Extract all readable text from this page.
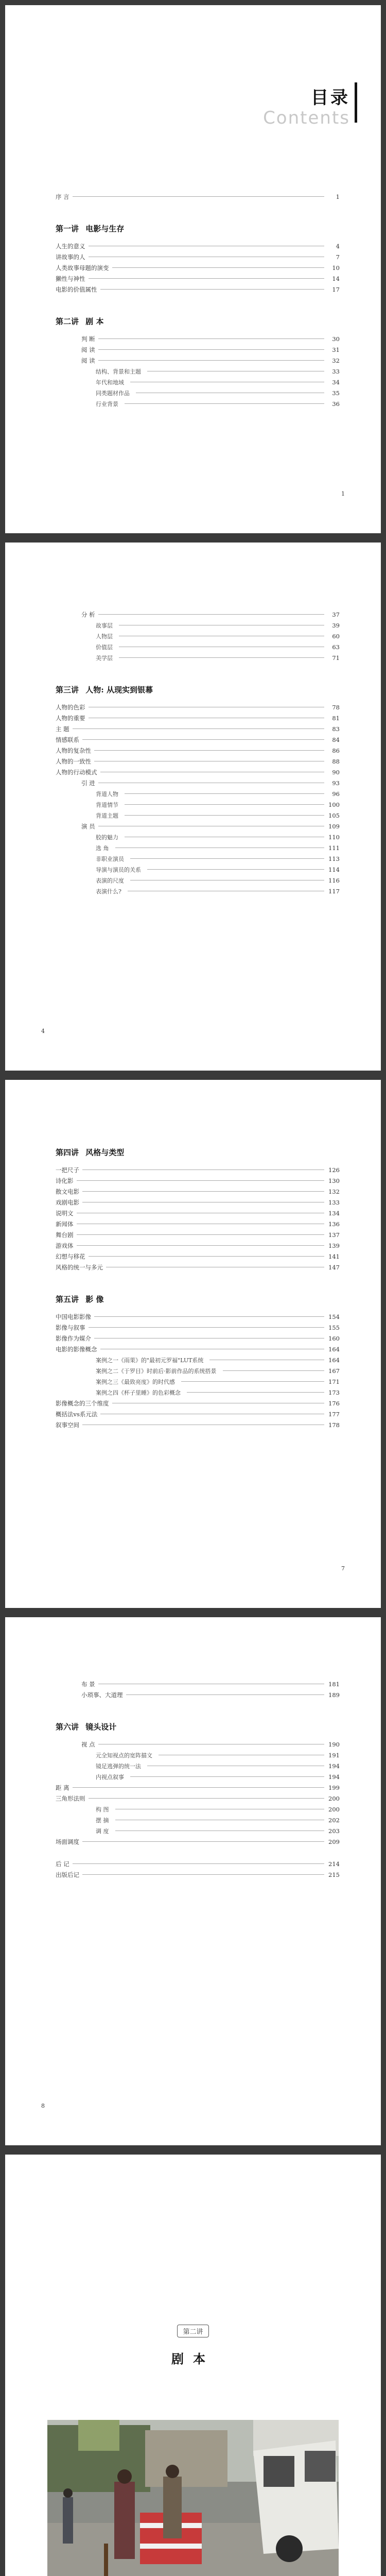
目录
Contents
序 言	1
第一讲 电影与生存
人生的意义	4
讲故事的人	7
人类故事母题的演变	10
獭性与神性	14
电影的价值属性	17
第二讲 剧 本
判 断	30
阅 读	31
阅 读	32
结构、背景和主题	33
年代和地域	34
同类题材作品	35
行业背景	36
1
分 析	37
故事层	39
人物层	60
价值层	63
美学层	71
第三讲 人物: 从现实到银幕
人物的色彩	78
人物的重要	81
主 题	83
情感联系	84
人物的复杂性	86
人物的一致性	88
人物的行动模式	90
引 进	93
背道人物	96
背道情节	100
背道主题	105
演 员	109
胶的魅力	110
选 角	111
非职业演员	113
导演与演员的关系	114
表演的尺度	116
表演什么?	117
4
第四讲 风格与类型
一把尺子	126
诗化影	130
散文电影	132
戏剧电影	133
说明文	134
新闻体	136
舞台剧	137
游戏体	139
幻想与移花	141
风格的统一与多元	147
第五讲 影 像
中国电影影像	154
影像与叙事	155
影像作为媒介	160
电影的影像概念	164
案例之一《雨果》的"最初元罗福"LUT系统	164
案例之二《于罗目》时前后·影前作品的系统搭景	167
案例之三《最致亮度》的时代感	171
案例之四《杯子里睡》的色彩概念	173
影像概念的三个维度	176
概括法vs系元法	177
叙事空间	178
7
布 景	181
小琐事、大道理	189
第六讲 镜头设计
视 点	190
元全知视点的宽阵描文	191
镜足逃弹的统一法	194
内视点叙事	194
距 离	199
三角形法则	200
构 图	200
摆 摘	202
调 度	203
场面调度	209
后 记	214
出版后记	215
8
第二讲
剧本
